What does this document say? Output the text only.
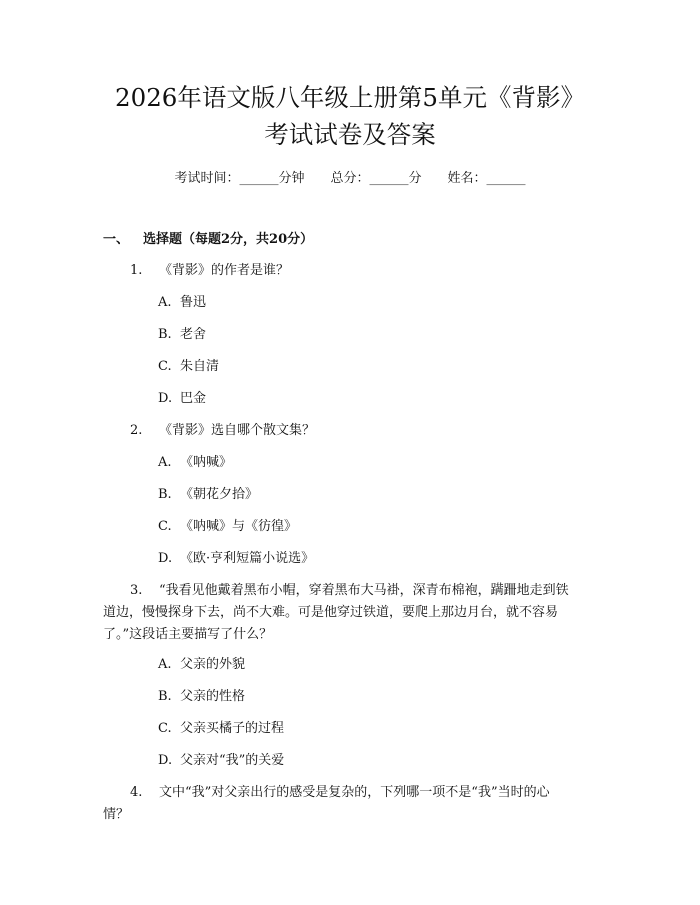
2026年语文版八年级上册第5单元《背影》
考试试卷及答案
考试时间：______分钟 总分：______分 姓名：______
一、 选择题（每题2分，共20分）
1. 《背影》的作者是谁？
A. 鲁迅
B. 老舍
C. 朱自清
D. 巴金
2. 《背影》选自哪个散文集？
A. 《呐喊》
B. 《朝花夕拾》
C. 《呐喊》与《彷徨》
D. 《欧·亨利短篇小说选》
3. “我看见他戴着黑布小帽，穿着黑布大马褂，深青布棉袍，蹒跚地走到铁
道边，慢慢探身下去，尚不大难。可是他穿过铁道，要爬上那边月台，就不容易
了。”这段话主要描写了什么？
A. 父亲的外貌
B. 父亲的性格
C. 父亲买橘子的过程
D. 父亲对“我”的关爱
4. 文中“我”对父亲出行的感受是复杂的，下列哪一项不是“我”当时的心
情？
